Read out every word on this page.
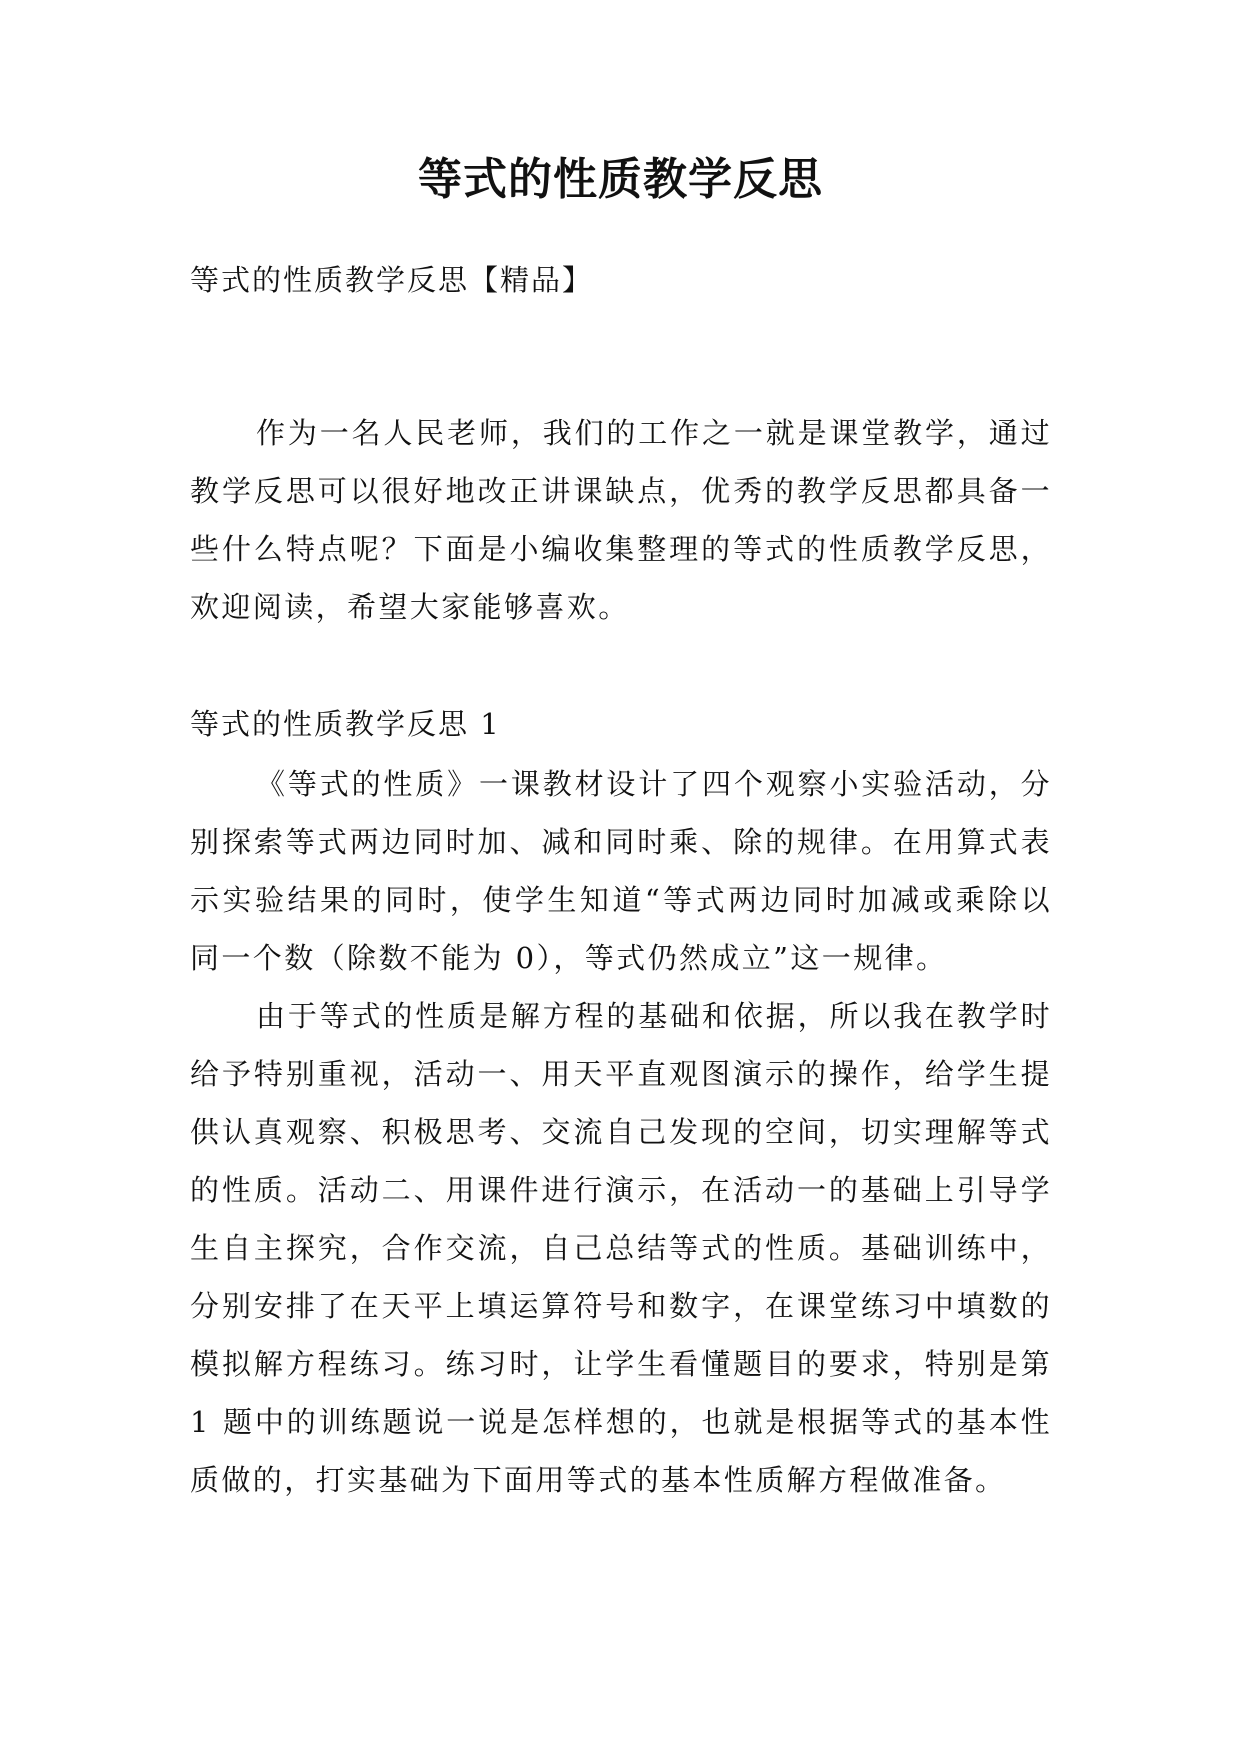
等式的性质教学反思

等式的性质教学反思【精品】

作为一名人民老师，我们的工作之一就是课堂教学，通过教学反思可以很好地改正讲课缺点，优秀的教学反思都具备一些什么特点呢？下面是小编收集整理的等式的性质教学反思，欢迎阅读，希望大家能够喜欢。

等式的性质教学反思 1

《等式的性质》一课教材设计了四个观察小实验活动，分别探索等式两边同时加、减和同时乘、除的规律。在用算式表示实验结果的同时，使学生知道“等式两边同时加减或乘除以同一个数（除数不能为 0），等式仍然成立”这一规律。

由于等式的性质是解方程的基础和依据，所以我在教学时给予特别重视，活动一、用天平直观图演示的操作，给学生提供认真观察、积极思考、交流自己发现的空间，切实理解等式的性质。活动二、用课件进行演示，在活动一的基础上引导学生自主探究，合作交流，自己总结等式的性质。基础训练中，分别安排了在天平上填运算符号和数字，在课堂练习中填数的模拟解方程练习。练习时，让学生看懂题目的要求，特别是第 1 题中的训练题说一说是怎样想的，也就是根据等式的基本性质做的，打实基础为下面用等式的基本性质解方程做准备。
